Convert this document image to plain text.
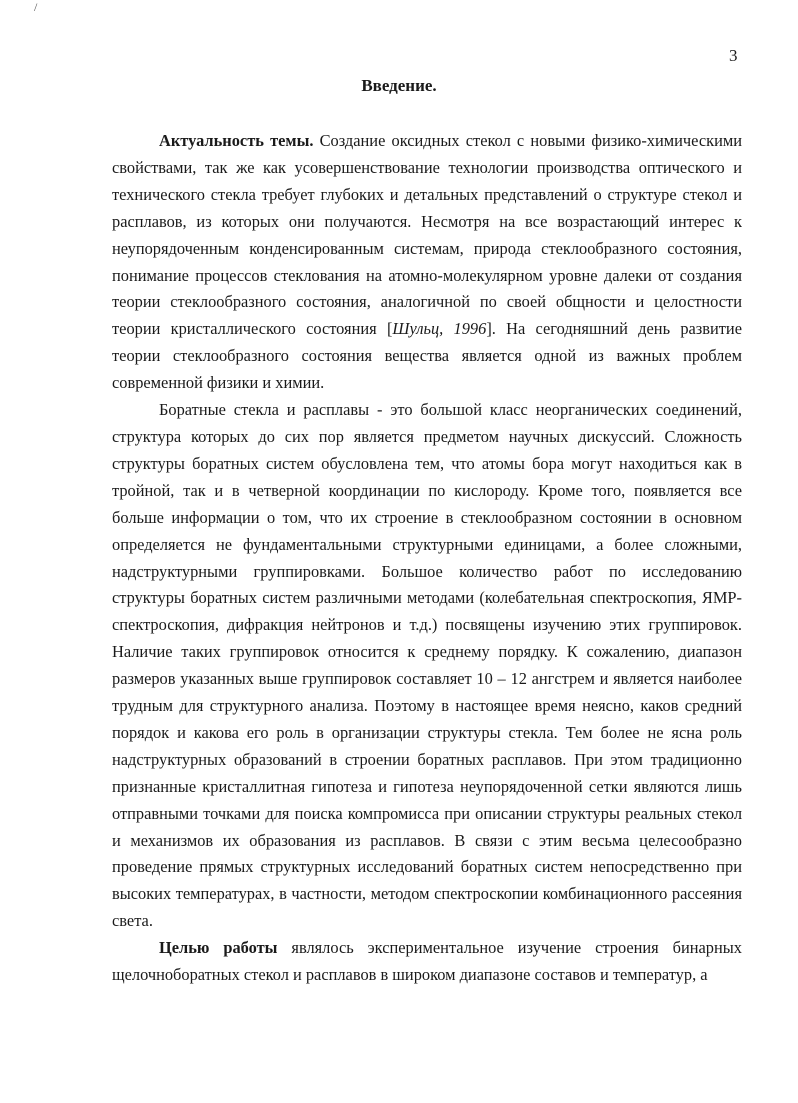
/
3
Введение.

Актуальность темы. Создание оксидных стекол с новыми физико-химическими свойствами, так же как усовершенствование технологии производства оптического и технического стекла требует глубоких и детальных представлений о структуре стекол и расплавов, из которых они получаются. Несмотря на все возрастающий интерес к неупорядоченным конденсированным системам, природа стеклообразного состояния, понимание процессов стеклования на атомно-молекулярном уровне далеки от создания теории стеклообразного состояния, аналогичной по своей общности и целостности теории кристаллического состояния [Шульц, 1996]. На сегодняшний день развитие теории стеклообразного состояния вещества является одной из важных проблем современной физики и химии.

Боратные стекла и расплавы - это большой класс неорганических соединений, структура которых до сих пор является предметом научных дискуссий. Сложность структуры боратных систем обусловлена тем, что атомы бора могут находиться как в тройной, так и в четверной координации по кислороду. Кроме того, появляется все больше информации о том, что их строение в стеклообразном состоянии в основном определяется не фундаментальными структурными единицами, а более сложными, надструктурными группировками. Большое количество работ по исследованию структуры боратных систем различными методами (колебательная спектроскопия, ЯМР-спектроскопия, дифракция нейтронов и т.д.) посвящены изучению этих группировок. Наличие таких группировок относится к среднему порядку. К сожалению, диапазон размеров указанных выше группировок составляет 10 – 12 ангстрем и является наиболее трудным для структурного анализа. Поэтому в настоящее время неясно, каков средний порядок и какова его роль в организации структуры стекла. Тем более не ясна роль надструктурных образований в строении боратных расплавов. При этом традиционно признанные кристаллитная гипотеза и гипотеза неупорядоченной сетки являются лишь отправными точками для поиска компромисса при описании структуры реальных стекол и механизмов их образования из расплавов. В связи с этим весьма целесообразно проведение прямых структурных исследований боратных систем непосредственно при высоких температурах, в частности, методом спектроскопии комбинационного рассеяния света.

Целью работы являлось экспериментальное изучение строения бинарных щелочноборатных стекол и расплавов в широком диапазоне составов и температур, а
